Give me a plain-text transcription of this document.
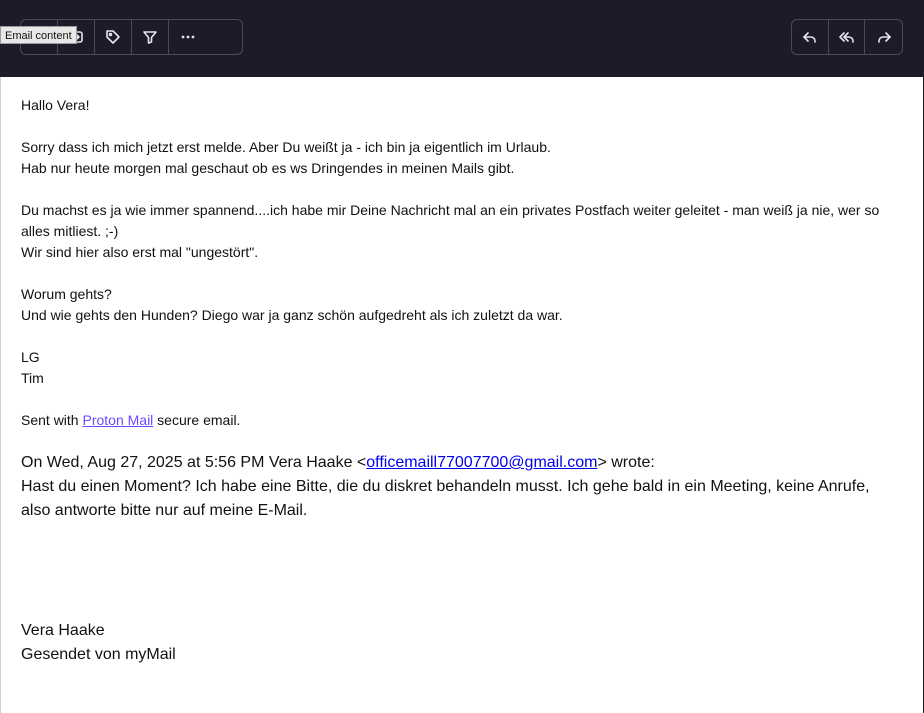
Email content

Hallo Vera!

Sorry dass ich mich jetzt erst melde. Aber Du weißt ja - ich bin ja eigentlich im Urlaub.

Hab nur heute morgen mal geschaut ob es ws Dringendes in meinen Mails gibt.

Du machst es ja wie immer spannend....ich habe mir Deine Nachricht mal an ein privates Postfach weiter geleitet - man weiß ja nie, wer so alles mitliest. ;-)

Wir sind hier also erst mal "ungestört".

Worum gehts?

Und wie gehts den Hunden? Diego war ja ganz schön aufgedreht als ich zuletzt da war.

LG

Tim

Sent with Proton Mail secure email.

On Wed, Aug 27, 2025 at 5:56 PM Vera Haake <officemaill77007700@gmail.com> wrote:

Hast du einen Moment? Ich habe eine Bitte, die du diskret behandeln musst. Ich gehe bald in ein Meeting, keine Anrufe, also antworte bitte nur auf meine E-Mail.

Vera Haake

Gesendet von myMail
